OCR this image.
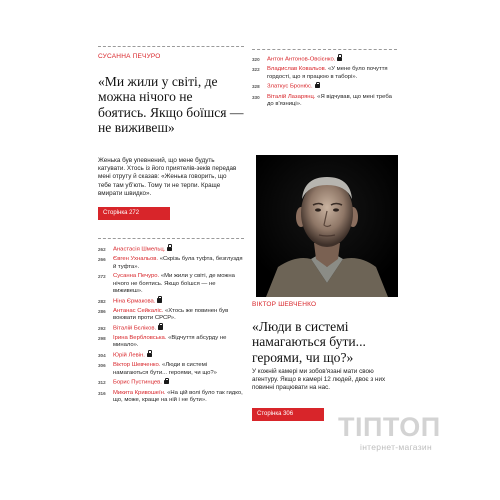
СУСАННА ПЕЧУРО
«Ми жили у світі, де можна нічого не боятись. Якщо боїшся — не виживеш»
Женька був упевнений, що мене будуть катувати. Хтось із його приятелів-зеків передав мені отруту й сказав: «Женька говорить, що тебе там уб'ють. Тому ти не терпи. Краще вмирати швидко».
Сторінка 272
262 Анастасія Шмельц.
266 Євген Ухнальов. «Скрізь була туфта, безглуздя й туфта».
272 Сусанна Печуро. «Ми жили у світі, де можна нічого не боятись. Якщо боїшся — не виживеш».
282 Ніна Єрмакова.
286 Антанас Сейкаліс. «Хтось же повинен був воювати проти СРСР».
292 Віталій Бєліков.
298 Ірина Вербловська. «Відчуття абсурду не минало».
304 Юрій Левін.
306 Віктор Шевченко. «Люди в системі намагаються бути... героями, чи що?»
312 Борис Пустинцев.
316 Микита Кривошеїн. «На цій волі було так гидко, що, може, краще на ній і не бути».
320 Антон Антонов-Овсієнко.
322 Владислав Ковальов. «У мене було почуття гордості, що я працюю в таборі».
328 Златкус Броню́с.
330 Віталій Лазарянц. «Я відчував, що мені треба до в'язниці».
ВІКТОР ШЕВЧЕНКО
«Люди в системі намагаються бути... героями, чи що?»
У кожній камері ми зобов'язані мати свою агентуру. Якщо в камері 12 людей, двоє з них повинні працювати на нас.
Сторінка 306	ТІПТОП
інтернет-магазин
